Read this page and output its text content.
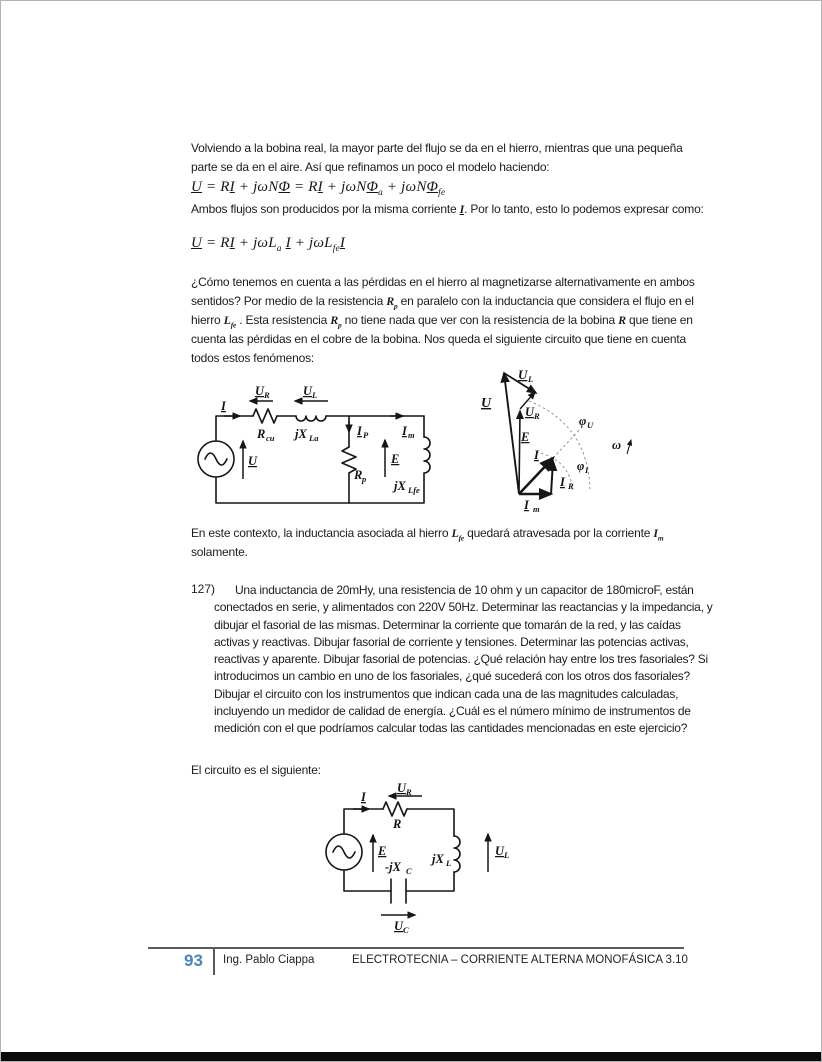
Volviendo a la bobina real, la mayor parte del flujo se da en el hierro, mientras que una pequeña parte se da en el aire. Así que refinamos un poco el modelo haciendo:
U = RI + jωNΦ = RI + jωNΦ$_a$ + jωNΦ$_{fe}$
Ambos flujos son producidos por la misma corriente I. Por lo tanto, esto lo podemos expresar como:
U = RI + jωL$_a$ I + jωL$_{fe}$I
¿Cómo tenemos en cuenta a las pérdidas en el hierro al magnetizarse alternativamente en ambos sentidos? Por medio de la resistencia $R_p$ en paralelo con la inductancia que considera el flujo en el hierro $L_{fe}$ . Esta resistencia $R_p$ no tiene nada que ver con la resistencia de la bobina R que tiene en cuenta las pérdidas en el cobre de la bobina. Nos queda el siguiente circuito que tiene en cuenta todos estos fenómenos:
I
U R	U L
R cu jX La
U
I P	I m
E
R p jX Lfe
U
U L
U R
E
I
I R
I m
φ U
φ I
ω
En este contexto, la inductancia asociada al hierro $L_{fe}$ quedará atravesada por la corriente $I_m$ solamente.
127)	Una inductancia de 20mHy, una resistencia de 10 ohm y un capacitor de 180microF, están conectados en serie, y alimentados con 220V 50Hz. Determinar las reactancias y la impedancia, y dibujar el fasorial de las mismas. Determinar la corriente que tomarán de la red, y las caídas activas y reactivas. Dibujar fasorial de corriente y tensiones. Determinar las potencias activas, reactivas y aparente. Dibujar fasorial de potencias. ¿Qué relación hay entre los tres fasoriales? Si introducimos un cambio en uno de los fasoriales, ¿qué sucederá con los otros dos fasoriales? Dibujar el circuito con los instrumentos que indican cada una de las magnitudes calculadas, incluyendo un medidor de calidad de energía. ¿Cuál es el número mínimo de instrumentos de medición con el que podríamos calcular todas las cantidades mencionadas en este ejercicio?
El circuito es el siguiente:
I
U R
R
E
-jX C
jX L
U L
U C
93 Ing. Pablo Ciappa	ELECTROTECNIA – CORRIENTE ALTERNA MONOFÁSICA 3.10
